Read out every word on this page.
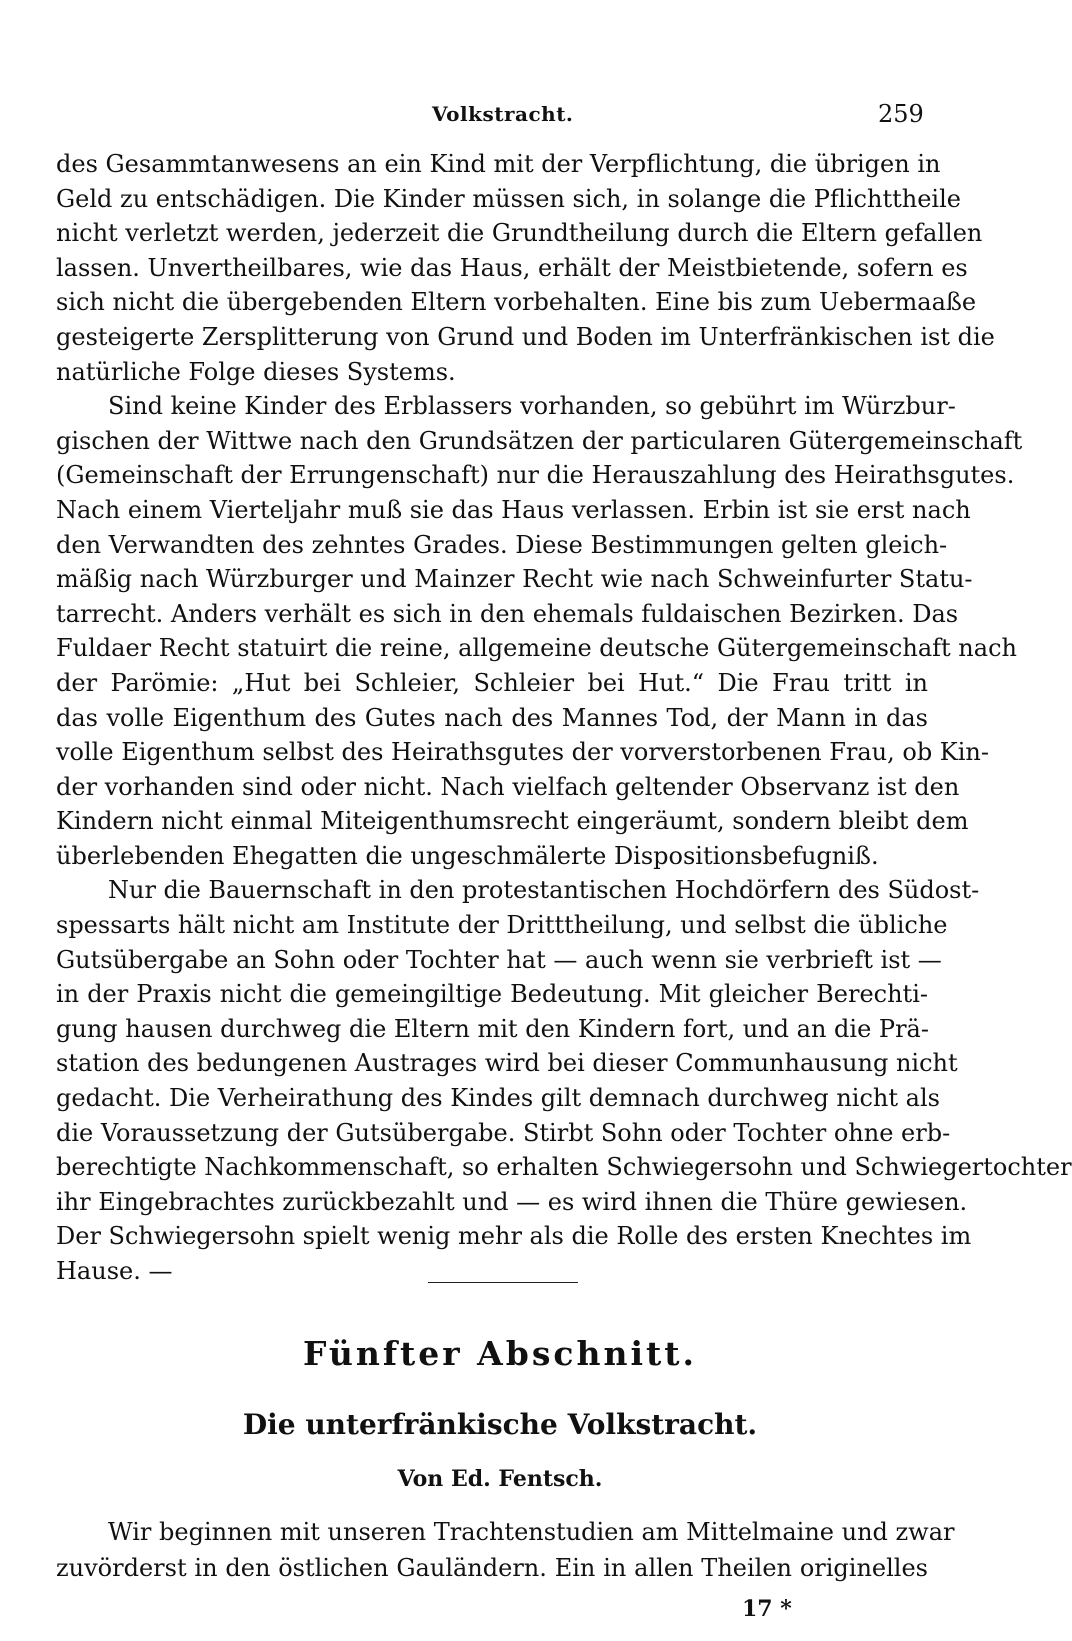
Volkstracht.	259
des Gesammtanwesens an ein Kind mit der Verpflichtung, die übrigen in
Geld zu entschädigen. Die Kinder müssen sich, in solange die Pflichttheile
nicht verletzt werden, jederzeit die Grundtheilung durch die Eltern gefallen
lassen. Unvertheilbares, wie das Haus, erhält der Meistbietende, sofern es
sich nicht die übergebenden Eltern vorbehalten. Eine bis zum Uebermaaße
gesteigerte Zersplitterung von Grund und Boden im Unterfränkischen ist die
natürliche Folge dieses Systems.
Sind keine Kinder des Erblassers vorhanden, so gebührt im Würzbur-
gischen der Wittwe nach den Grundsätzen der particularen Gütergemeinschaft
(Gemeinschaft der Errungenschaft) nur die Herauszahlung des Heirathsgutes.
Nach einem Vierteljahr muß sie das Haus verlassen. Erbin ist sie erst nach
den Verwandten des zehntes Grades. Diese Bestimmungen gelten gleich-
mäßig nach Würzburger und Mainzer Recht wie nach Schweinfurter Statu-
tarrecht. Anders verhält es sich in den ehemals fuldaischen Bezirken. Das
Fuldaer Recht statuirt die reine, allgemeine deutsche Gütergemeinschaft nach
der Parömie: „Hut bei Schleier, Schleier bei Hut.“ Die Frau tritt in
das volle Eigenthum des Gutes nach des Mannes Tod, der Mann in das
volle Eigenthum selbst des Heirathsgutes der vorverstorbenen Frau, ob Kin-
der vorhanden sind oder nicht. Nach vielfach geltender Observanz ist den
Kindern nicht einmal Miteigenthumsrecht eingeräumt, sondern bleibt dem
überlebenden Ehegatten die ungeschmälerte Dispositionsbefugniß.
Nur die Bauernschaft in den protestantischen Hochdörfern des Südost-
spessarts hält nicht am Institute der Dritttheilung, und selbst die übliche
Gutsübergabe an Sohn oder Tochter hat — auch wenn sie verbrieft ist —
in der Praxis nicht die gemeingiltige Bedeutung. Mit gleicher Berechti-
gung hausen durchweg die Eltern mit den Kindern fort, und an die Prä-
station des bedungenen Austrages wird bei dieser Communhausung nicht
gedacht. Die Verheirathung des Kindes gilt demnach durchweg nicht als
die Voraussetzung der Gutsübergabe. Stirbt Sohn oder Tochter ohne erb-
berechtigte Nachkommenschaft, so erhalten Schwiegersohn und Schwiegertochter
ihr Eingebrachtes zurückbezahlt und — es wird ihnen die Thüre gewiesen.
Der Schwiegersohn spielt wenig mehr als die Rolle des ersten Knechtes im
Hause. —
Fünfter Abschnitt.
Die unterfränkische Volkstracht.
Von Ed. Fentsch.
Wir beginnen mit unseren Trachtenstudien am Mittelmaine und zwar
zuvörderst in den östlichen Gauländern. Ein in allen Theilen originelles
17 *
